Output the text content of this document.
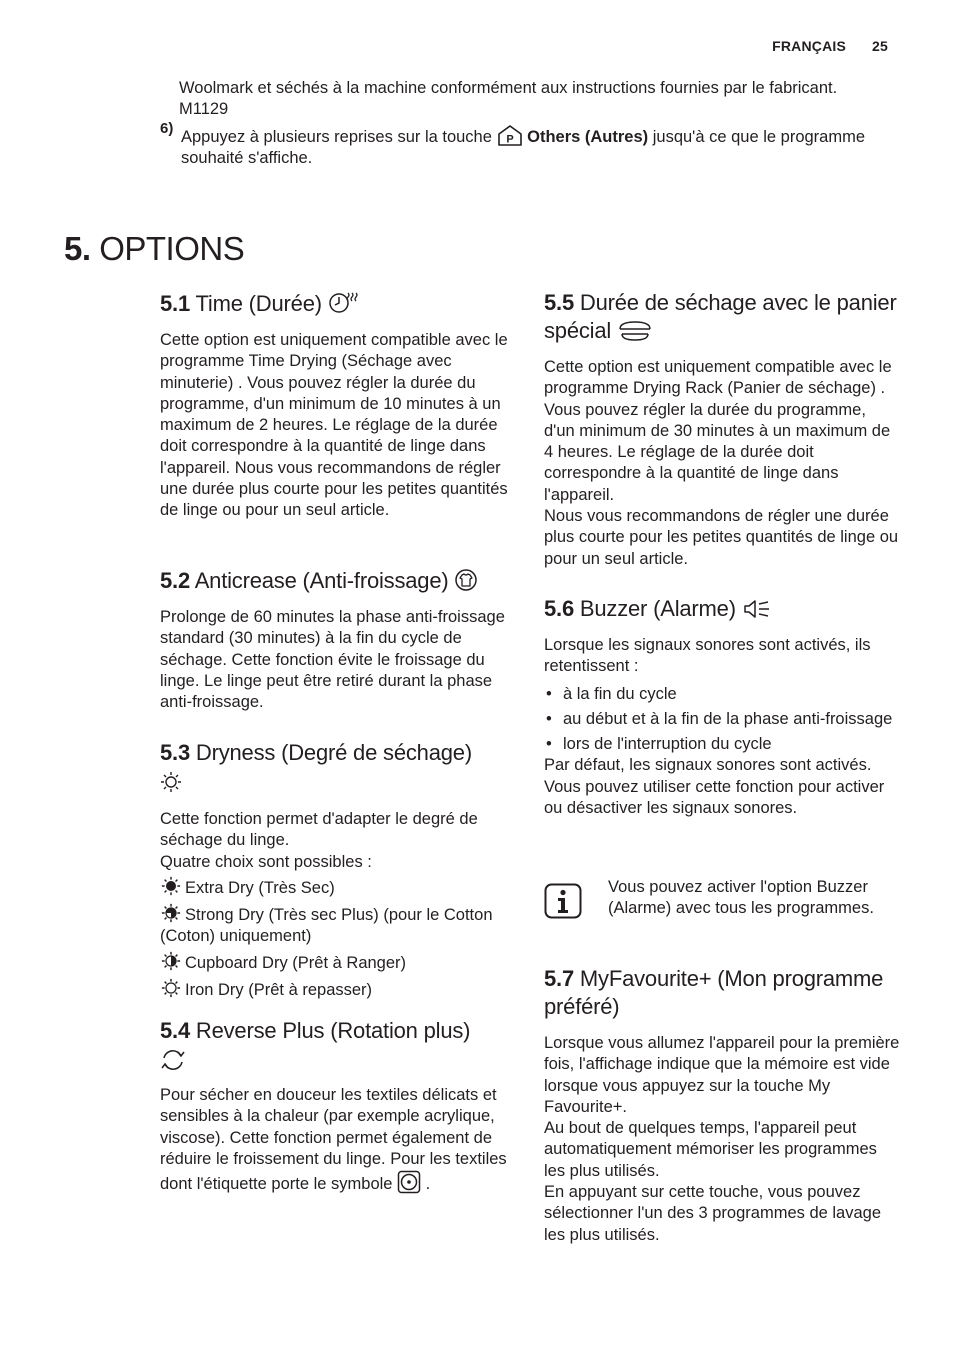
FRANÇAIS 25
Woolmark et séchés à la machine conformément aux instructions fournies par le fabricant. M1129
6) Appuyez à plusieurs reprises sur la touche P Others (Autres) jusqu'à ce que le programme souhaité s'affiche.
5. OPTIONS
5.1 Time (Durée)

Cette option est uniquement compatible avec le programme Time Drying (Séchage avec minuterie) . Vous pouvez régler la durée du programme, d'un minimum de 10 minutes à un maximum de 2 heures. Le réglage de la durée doit correspondre à la quantité de linge dans l'appareil. Nous vous recommandons de régler une durée plus courte pour les petites quantités de linge ou pour un seul article.

5.2 Anticrease (Anti-froissage)

Prolonge de 60 minutes la phase anti-froissage standard (30 minutes) à la fin du cycle de séchage. Cette fonction évite le froissage du linge. Le linge peut être retiré durant la phase anti-froissage.

5.3 Dryness (Degré de séchage)

Cette fonction permet d'adapter le degré de séchage du linge.

Quatre choix sont possibles :

Extra Dry (Très Sec)
Strong Dry (Très sec Plus) (pour le Cotton (Coton) uniquement)
Cupboard Dry (Prêt à Ranger)
Iron Dry (Prêt à repasser)
5.4 Reverse Plus (Rotation plus)

Pour sécher en douceur les textiles délicats et sensibles à la chaleur (par exemple acrylique, viscose). Cette fonction permet également de réduire le froissement du linge. Pour les textiles dont l'étiquette porte le symbole .

5.5 Durée de séchage avec le panier spécial

Cette option est uniquement compatible avec le programme Drying Rack (Panier de séchage) . Vous pouvez régler la durée du programme, d'un minimum de 30 minutes à un maximum de 4 heures. Le réglage de la durée doit correspondre à la quantité de linge dans l'appareil.

Nous vous recommandons de régler une durée plus courte pour les petites quantités de linge ou pour un seul article.

5.6 Buzzer (Alarme)

Lorsque les signaux sonores sont activés, ils retentissent :

• à la fin du cycle
• au début et à la fin de la phase anti-froissage
• lors de l'interruption du cycle

Par défaut, les signaux sonores sont activés. Vous pouvez utiliser cette fonction pour activer ou désactiver les signaux sonores.

Vous pouvez activer l'option Buzzer (Alarme) avec tous les programmes.

5.7 MyFavourite+ (Mon programme préféré)

Lorsque vous allumez l'appareil pour la première fois, l'affichage indique que la mémoire est vide lorsque vous appuyez sur la touche My Favourite+.

Au bout de quelques temps, l'appareil peut automatiquement mémoriser les programmes les plus utilisés.

En appuyant sur cette touche, vous pouvez sélectionner l'un des 3 programmes de lavage les plus utilisés.
